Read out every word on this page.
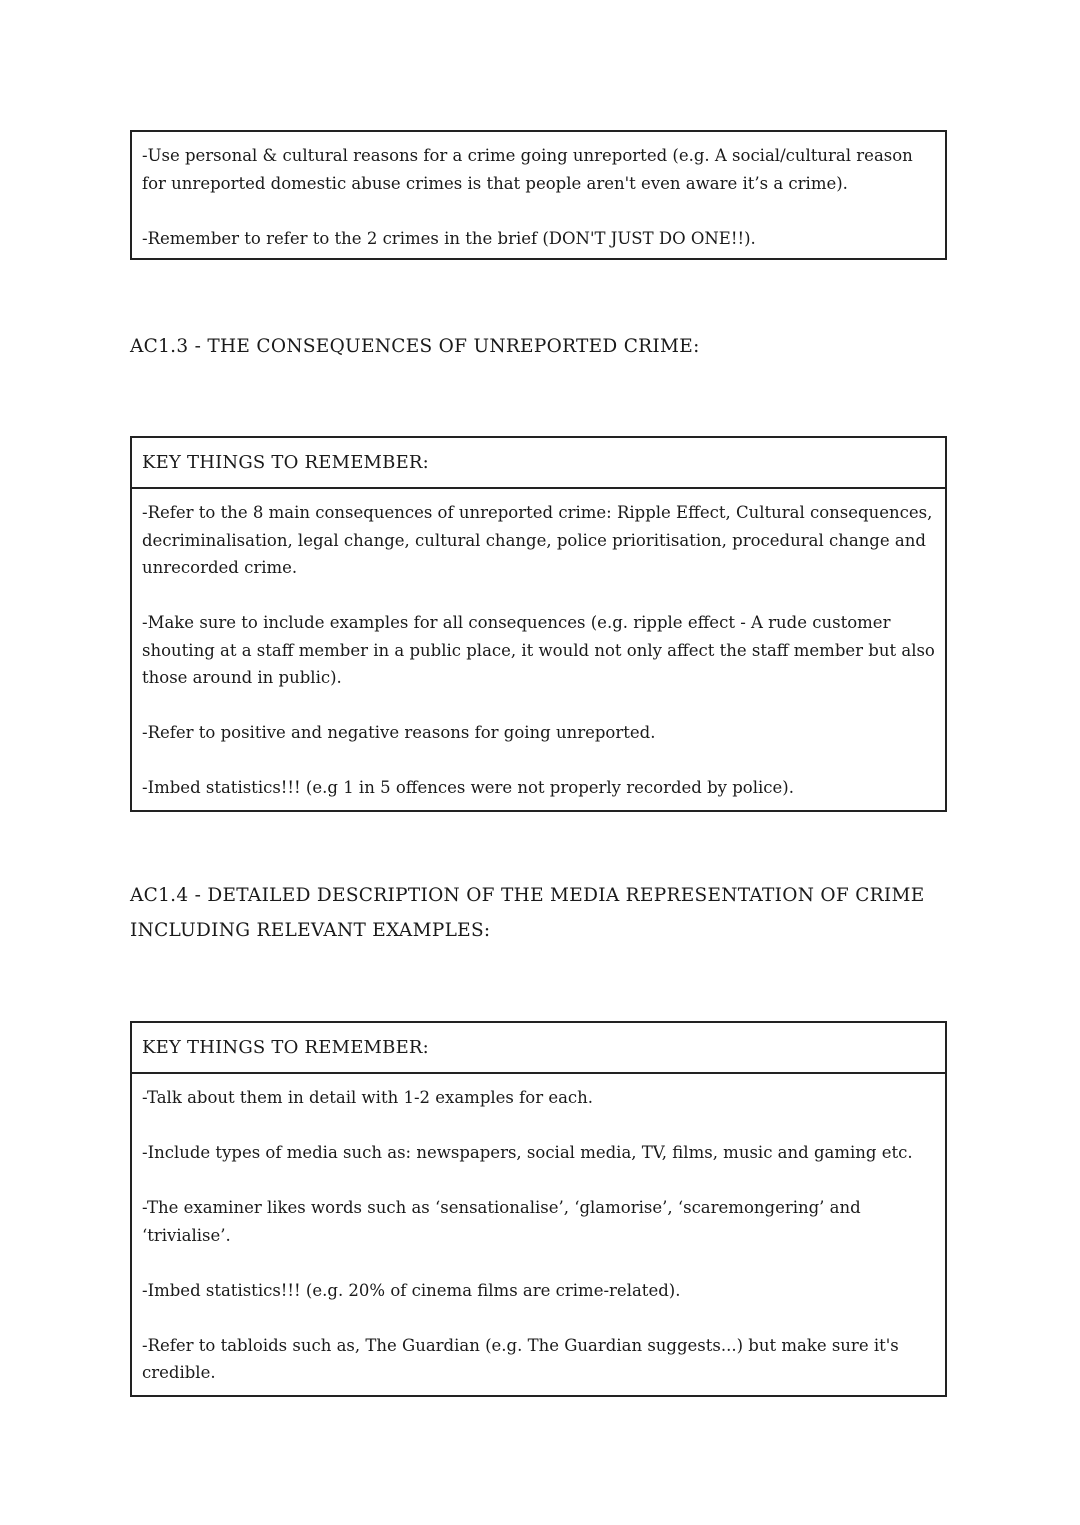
-Use personal & cultural reasons for a crime going unreported (e.g. A social/cultural reason for unreported domestic abuse crimes is that people aren't even aware it’s a crime).

-Remember to refer to the 2 crimes in the brief (DON'T JUST DO ONE!!).

AC1.3 - THE CONSEQUENCES OF UNREPORTED CRIME:
KEY THINGS TO REMEMBER:

-Refer to the 8 main consequences of unreported crime: Ripple Effect, Cultural consequences, decriminalisation, legal change, cultural change, police prioritisation, procedural change and unrecorded crime.

-Make sure to include examples for all consequences (e.g. ripple effect - A rude customer shouting at a staff member in a public place, it would not only affect the staff member but also those around in public).

-Refer to positive and negative reasons for going unreported.

-Imbed statistics!!! (e.g 1 in 5 offences were not properly recorded by police).

AC1.4 - DETAILED DESCRIPTION OF THE MEDIA REPRESENTATION OF CRIME INCLUDING RELEVANT EXAMPLES:
KEY THINGS TO REMEMBER:

-Talk about them in detail with 1-2 examples for each.

-Include types of media such as: newspapers, social media, TV, films, music and gaming etc.

-The examiner likes words such as ‘sensationalise’, ‘glamorise’, ‘scaremongering’ and ‘trivialise’.

-Imbed statistics!!! (e.g. 20% of cinema films are crime-related).

-Refer to tabloids such as, The Guardian (e.g. The Guardian suggests...) but make sure it's credible.
